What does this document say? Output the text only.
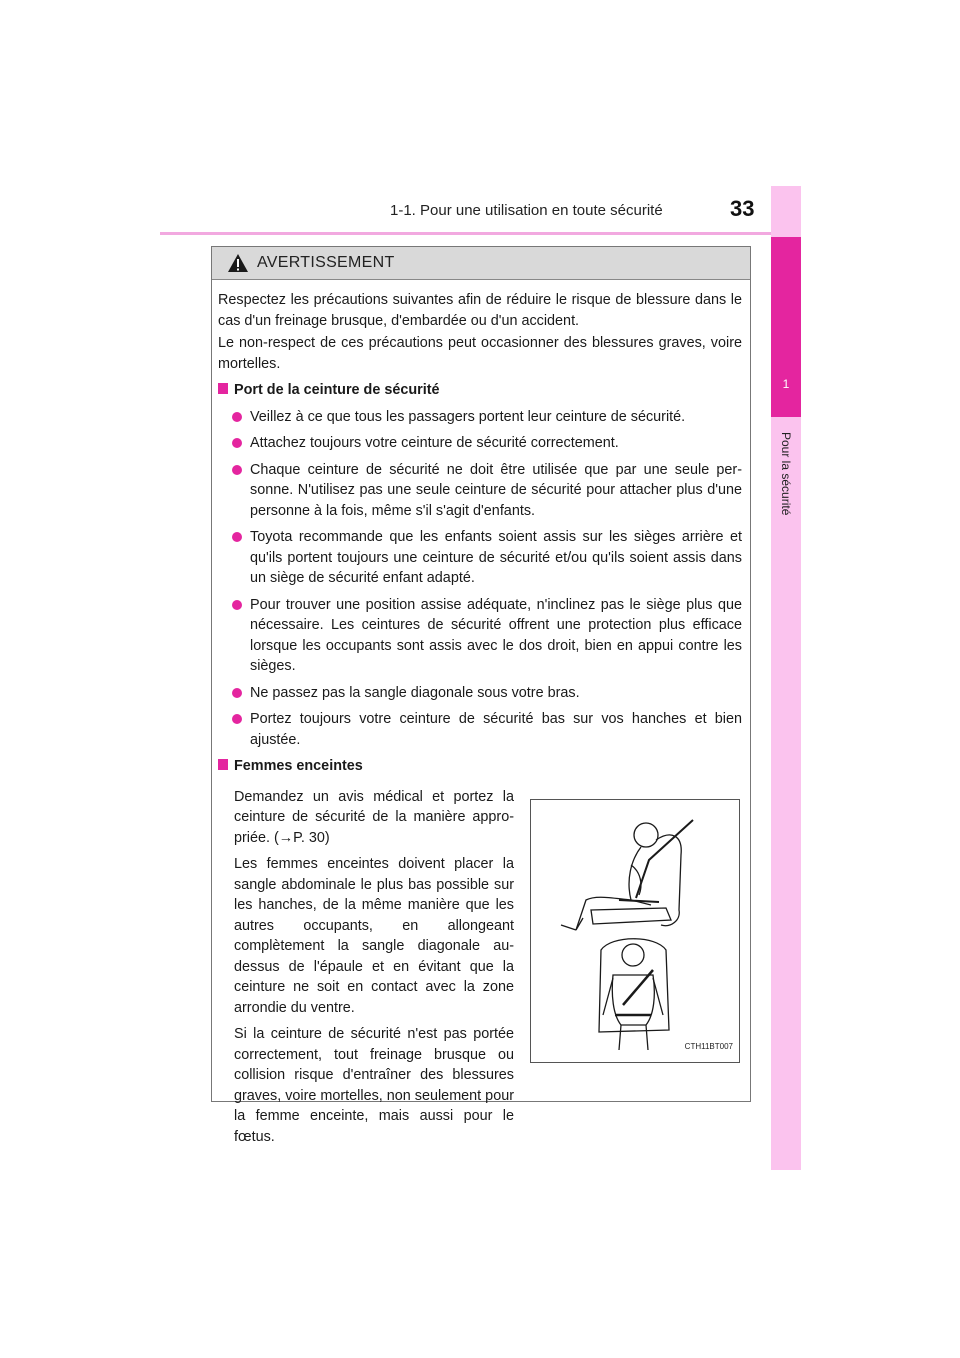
1-1. Pour une utilisation en toute sécurité	33
1
Pour la sécurité
AVERTISSEMENT

Respectez les précautions suivantes afin de réduire le risque de blessure dans le cas d'un freinage brusque, d'embardée ou d'un accident.

Le non-respect de ces précautions peut occasionner des blessures graves, voire mortelles.

Port de la ceinture de sécurité
Veillez à ce que tous les passagers portent leur ceinture de sécurité.
Attachez toujours votre ceinture de sécurité correctement.
Chaque ceinture de sécurité ne doit être utilisée que par une seule per-sonne. N'utilisez pas une seule ceinture de sécurité pour attacher plus d'une personne à la fois, même s'il s'agit d'enfants.
Toyota recommande que les enfants soient assis sur les sièges arrière et qu'ils portent toujours une ceinture de sécurité et/ou qu'ils soient assis dans un siège de sécurité enfant adapté.
Pour trouver une position assise adéquate, n'inclinez pas le siège plus que nécessaire. Les ceintures de sécurité offrent une protection plus efficace lorsque les occupants sont assis avec le dos droit, bien en appui contre les sièges.
Ne passez pas la sangle diagonale sous votre bras.
Portez toujours votre ceinture de sécurité bas sur vos hanches et bien ajustée.
Femmes enceintes

Demandez un avis médical et portez la ceinture de sécurité de la manière appro-priée. (→P. 30)

Les femmes enceintes doivent placer la sangle abdominale le plus bas possible sur les hanches, de la même manière que les autres occupants, en allongeant complètement la sangle diagonale au-dessus de l'épaule et en évitant que la ceinture ne soit en contact avec la zone arrondie du ventre.

Si la ceinture de sécurité n'est pas portée correctement, tout freinage brusque ou collision risque d'entraîner des blessures graves, voire mortelles, non seulement pour la femme enceinte, mais aussi pour le fœtus.

CTH11BT007
